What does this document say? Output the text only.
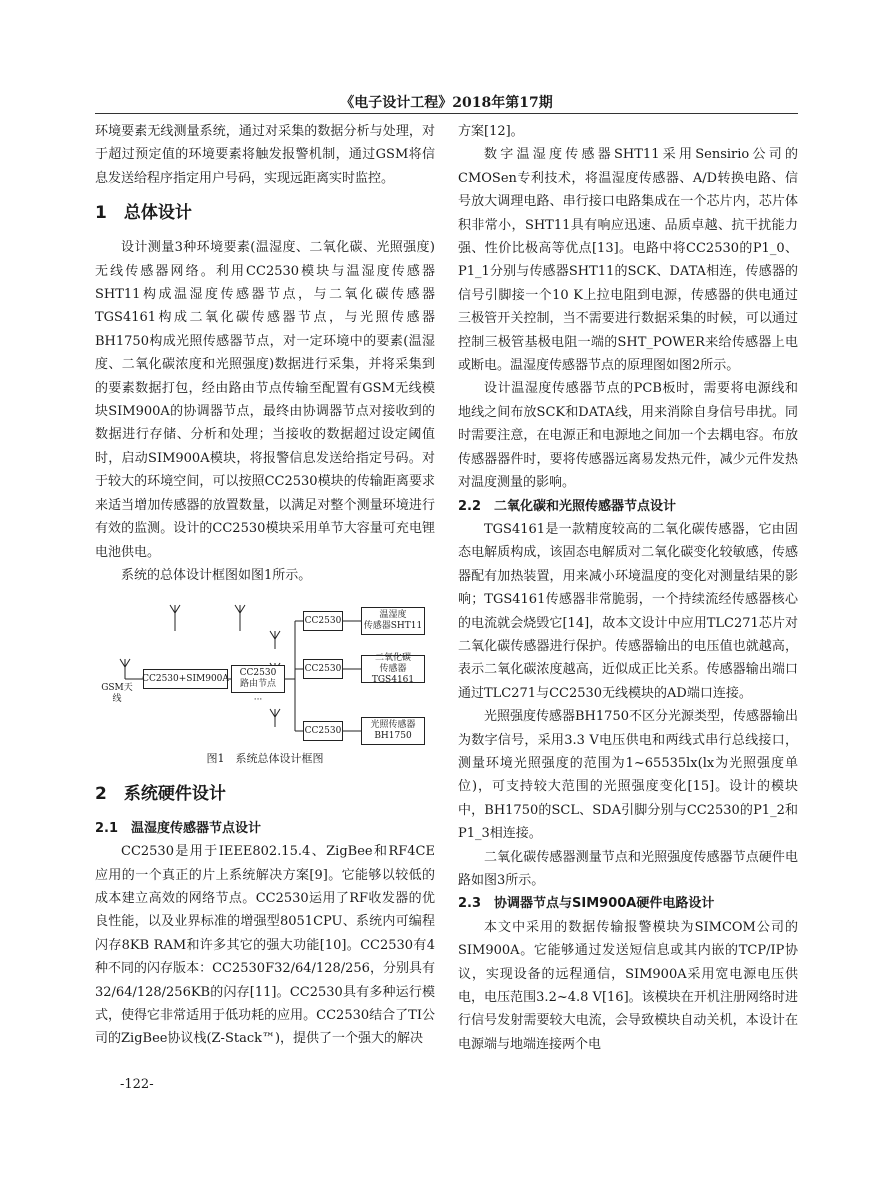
《电子设计工程》2018年第17期

环境要素无线测量系统，通过对采集的数据分析与处理，对于超过预定值的环境要素将触发报警机制，通过GSM将信息发送给程序指定用户号码，实现远距离实时监控。

1　总体设计

设计测量3种环境要素(温湿度、二氧化碳、光照强度)无线传感器网络。利用CC2530模块与温湿度传感器SHT11构成温湿度传感器节点，与二氧化碳传感器TGS4161构成二氧化碳传感器节点，与光照传感器BH1750构成光照传感器节点，对一定环境中的要素(温湿度、二氧化碳浓度和光照强度)数据进行采集，并将采集到的要素数据打包，经由路由节点传输至配置有GSM无线模块SIM900A的协调器节点，最终由协调器节点对接收到的数据进行存储、分析和处理；当接收的数据超过设定阈值时，启动SIM900A模块，将报警信息发送给指定号码。对于较大的环境空间，可以按照CC2530模块的传输距离要求来适当增加传感器的放置数量，以满足对整个测量环境进行有效的监测。设计的CC2530模块采用单节大容量可充电锂电池供电。

系统的总体设计框图如图1所示。

GSM天线
CC2530+SIM900A
CC2530
路由节点
···
CC2530
CC2530
CC2530
温湿度
传感器SHT11
二氧化碳
传感器TGS4161
光照传感器
BH1750

图1　系统总体设计框图

2　系统硬件设计

2.1　温湿度传感器节点设计

CC2530是用于IEEE802.15.4、ZigBee和RF4CE应用的一个真正的片上系统解决方案[9]。它能够以较低的成本建立高效的网络节点。CC2530运用了RF收发器的优良性能，以及业界标准的增强型8051CPU、系统内可编程闪存8KB RAM和许多其它的强大功能[10]。CC2530有4种不同的闪存版本：CC2530F32/64/128/256，分别具有32/64/128/256KB的闪存[11]。CC2530具有多种运行模式，使得它非常适用于低功耗的应用。CC2530结合了TI公司的ZigBee协议栈(Z-Stack™)，提供了一个强大的解决

方案[12]。

数字温湿度传感器SHT11采用Sensirio公司的CMOSen专利技术，将温湿度传感器、A/D转换电路、信号放大调理电路、串行接口电路集成在一个芯片内，芯片体积非常小，SHT11具有响应迅速、品质卓越、抗干扰能力强、性价比极高等优点[13]。电路中将CC2530的P1_0、P1_1分别与传感器SHT11的SCK、DATA相连，传感器的信号引脚接一个10 K上拉电阻到电源，传感器的供电通过三极管开关控制，当不需要进行数据采集的时候，可以通过控制三极管基极电阻一端的SHT_POWER来给传感器上电或断电。温湿度传感器节点的原理图如图2所示。

设计温湿度传感器节点的PCB板时，需要将电源线和地线之间布放SCK和DATA线，用来消除自身信号串扰。同时需要注意，在电源正和电源地之间加一个去耦电容。布放传感器器件时，要将传感器远离易发热元件，减少元件发热对温度测量的影响。

2.2　二氧化碳和光照传感器节点设计

TGS4161是一款精度较高的二氧化碳传感器，它由固态电解质构成，该固态电解质对二氧化碳变化较敏感，传感器配有加热装置，用来减小环境温度的变化对测量结果的影响；TGS4161传感器非常脆弱，一个持续流经传感器核心的电流就会烧毁它[14]，故本文设计中应用TLC271芯片对二氧化碳传感器进行保护。传感器输出的电压值也就越高，表示二氧化碳浓度越高，近似成正比关系。传感器输出端口通过TLC271与CC2530无线模块的AD端口连接。

光照强度传感器BH1750不区分光源类型，传感器输出为数字信号，采用3.3 V电压供电和两线式串行总线接口，测量环境光照强度的范围为1~65535lx(lx为光照强度单位)，可支持较大范围的光照强度变化[15]。设计的模块中，BH1750的SCL、SDA引脚分别与CC2530的P1_2和P1_3相连接。

二氧化碳传感器测量节点和光照强度传感器节点硬件电路如图3所示。

2.3　协调器节点与SIM900A硬件电路设计

本文中采用的数据传输报警模块为SIMCOM公司的SIM900A。它能够通过发送短信息或其内嵌的TCP/IP协议，实现设备的远程通信，SIM900A采用宽电源电压供电，电压范围3.2~4.8 V[16]。该模块在开机注册网络时进行信号发射需要较大电流，会导致模块自动关机，本设计在电源端与地端连接两个电

-122-
